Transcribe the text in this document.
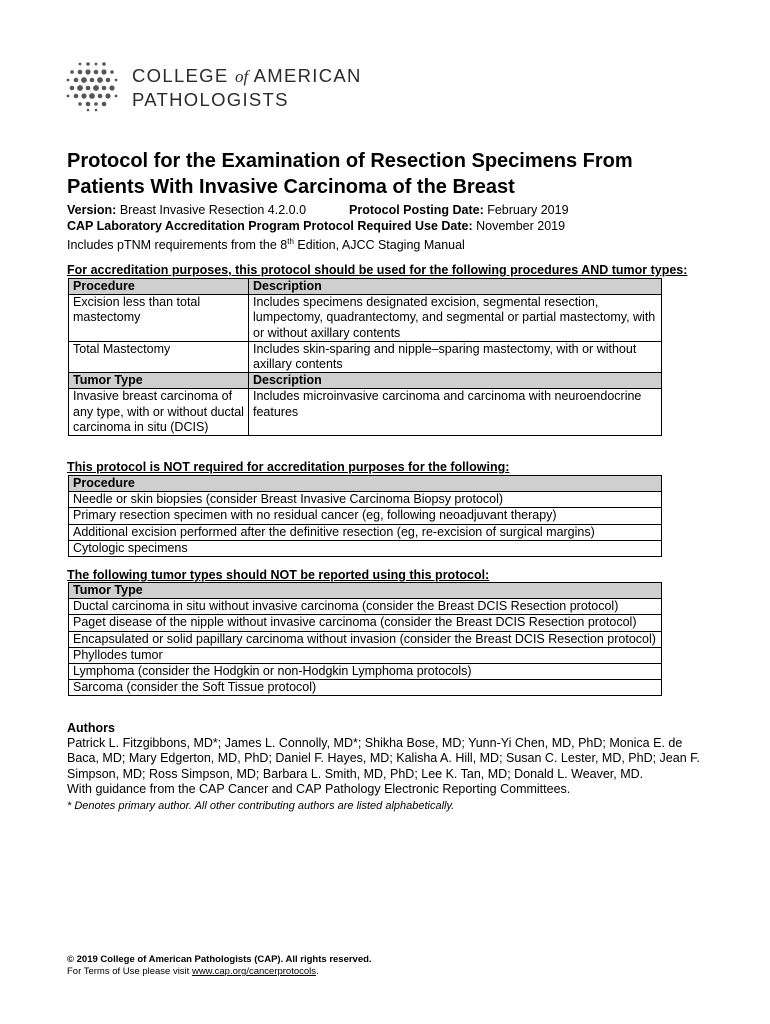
COLLEGE of AMERICAN
PATHOLOGISTS
Protocol for the Examination of Resection Specimens From Patients With Invasive Carcinoma of the Breast
Version: Breast Invasive Resection 4.2.0.0	Protocol Posting Date: February 2019
CAP Laboratory Accreditation Program Protocol Required Use Date: November 2019
Includes pTNM requirements from the 8th Edition, AJCC Staging Manual
For accreditation purposes, this protocol should be used for the following procedures AND tumor types:
Procedure	Description
Excision less than total mastectomy	Includes specimens designated excision, segmental resection, lumpectomy, quadrantectomy, and segmental or partial mastectomy, with or without axillary contents
Total Mastectomy	Includes skin-sparing and nipple–sparing mastectomy, with or without axillary contents
Tumor Type	Description
Invasive breast carcinoma of any type, with or without ductal carcinoma in situ (DCIS)	Includes microinvasive carcinoma and carcinoma with neuroendocrine features
This protocol is NOT required for accreditation purposes for the following:
Procedure
Needle or skin biopsies (consider Breast Invasive Carcinoma Biopsy protocol)
Primary resection specimen with no residual cancer (eg, following neoadjuvant therapy)
Additional excision performed after the definitive resection (eg, re-excision of surgical margins)
Cytologic specimens
The following tumor types should NOT be reported using this protocol:
Tumor Type
Ductal carcinoma in situ without invasive carcinoma (consider the Breast DCIS Resection protocol)
Paget disease of the nipple without invasive carcinoma (consider the Breast DCIS Resection protocol)
Encapsulated or solid papillary carcinoma without invasion (consider the Breast DCIS Resection protocol)
Phyllodes tumor
Lymphoma (consider the Hodgkin or non-Hodgkin Lymphoma protocols)
Sarcoma (consider the Soft Tissue protocol)
Authors
Patrick L. Fitzgibbons, MD*; James L. Connolly, MD*; Shikha Bose, MD; Yunn-Yi Chen, MD, PhD; Monica E. de Baca, MD; Mary Edgerton, MD, PhD; Daniel F. Hayes, MD; Kalisha A. Hill, MD; Susan C. Lester, MD, PhD; Jean F. Simpson, MD; Ross Simpson, MD; Barbara L. Smith, MD, PhD; Lee K. Tan, MD; Donald L. Weaver, MD.
With guidance from the CAP Cancer and CAP Pathology Electronic Reporting Committees.
* Denotes primary author. All other contributing authors are listed alphabetically.
© 2019 College of American Pathologists (CAP). All rights reserved.
For Terms of Use please visit www.cap.org/cancerprotocols.
